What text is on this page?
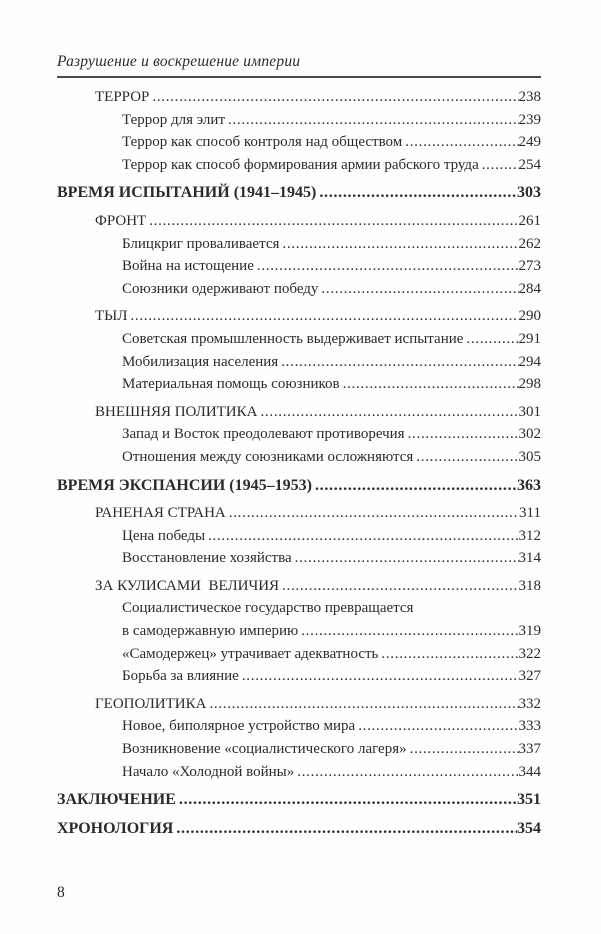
Разрушение и воскрешение империи
ТЕРРОР .....	238
Террор для элит .....	239
Террор как способ контроля над обществом .....	249
Террор как способ формирования армии рабского труда .....	254
ВРЕМЯ ИСПЫТАНИЙ (1941–1945) .....	303
ФРОНТ .....	261
Блицкриг проваливается .....	262
Война на истощение .....	273
Союзники одерживают победу .....	284
ТЫЛ .....	290
Советская промышленность выдерживает испытание .....	291
Мобилизация населения .....	294
Материальная помощь союзников .....	298
ВНЕШНЯЯ ПОЛИТИКА .....	301
Запад и Восток преодолевают противоречия .....	302
Отношения между союзниками осложняются .....	305
ВРЕМЯ ЭКСПАНСИИ (1945–1953) .....	363
РАНЕНАЯ СТРАНА .....	311
Цена победы .....	312
Восстановление хозяйства .....	314
ЗА КУЛИСАМИ  ВЕЛИЧИЯ .....	318
Социалистическое государство превращается
в самодержавную империю .....	319
«Самодержец» утрачивает адекватность .....	322
Борьба за влияние .....	327
ГЕОПОЛИТИКА .....	332
Новое, биполярное устройство мира .....	333
Возникновение «социалистического лагеря» .....	337
Начало «Холодной войны» .....	344
ЗАКЛЮЧЕНИЕ .....	351
ХРОНОЛОГИЯ .....	354
8
